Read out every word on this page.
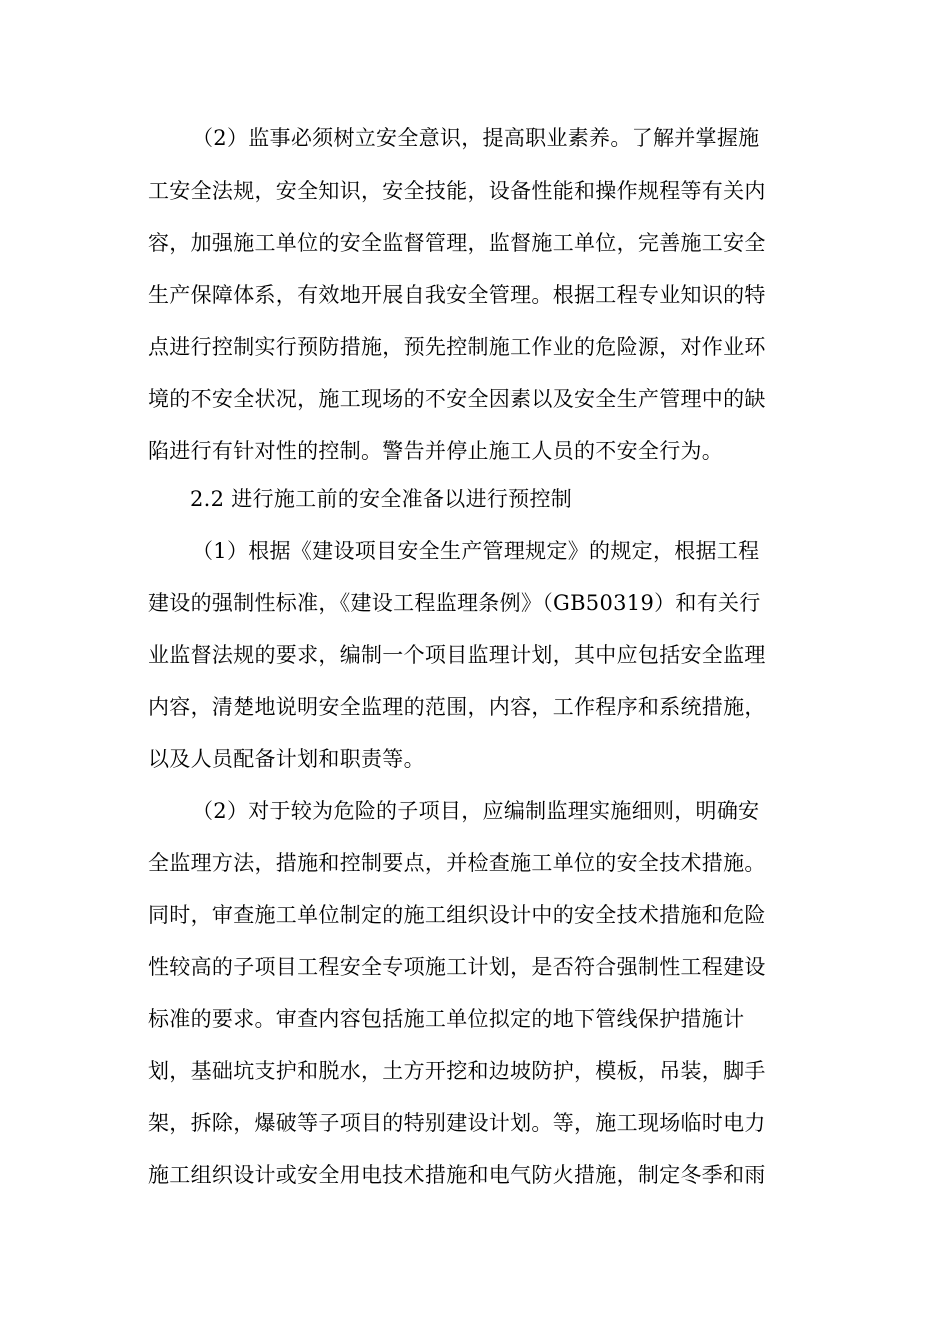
（2）监事必须树立安全意识，提高职业素养。了解并掌握施
工安全法规，安全知识，安全技能，设备性能和操作规程等有关内
容，加强施工单位的安全监督管理，监督施工单位，完善施工安全
生产保障体系，有效地开展自我安全管理。根据工程专业知识的特
点进行控制实行预防措施，预先控制施工作业的危险源，对作业环
境的不安全状况，施工现场的不安全因素以及安全生产管理中的缺
陷进行有针对性的控制。警告并停止施工人员的不安全行为。
2.2 进行施工前的安全准备以进行预控制
（1）根据《建设项目安全生产管理规定》的规定，根据工程
建设的强制性标准，《建设工程监理条例》（GB50319）和有关行
业监督法规的要求，编制一个项目监理计划，其中应包括安全监理
内容，清楚地说明安全监理的范围，内容，工作程序和系统措施，
以及人员配备计划和职责等。
（2）对于较为危险的子项目，应编制监理实施细则，明确安
全监理方法，措施和控制要点，并检查施工单位的安全技术措施。
同时，审查施工单位制定的施工组织设计中的安全技术措施和危险
性较高的子项目工程安全专项施工计划，是否符合强制性工程建设
标准的要求。审查内容包括施工单位拟定的地下管线保护措施计
划，基础坑支护和脱水，土方开挖和边坡防护，模板，吊装，脚手
架，拆除，爆破等子项目的特别建设计划。等，施工现场临时电力
施工组织设计或安全用电技术措施和电气防火措施，制定冬季和雨
